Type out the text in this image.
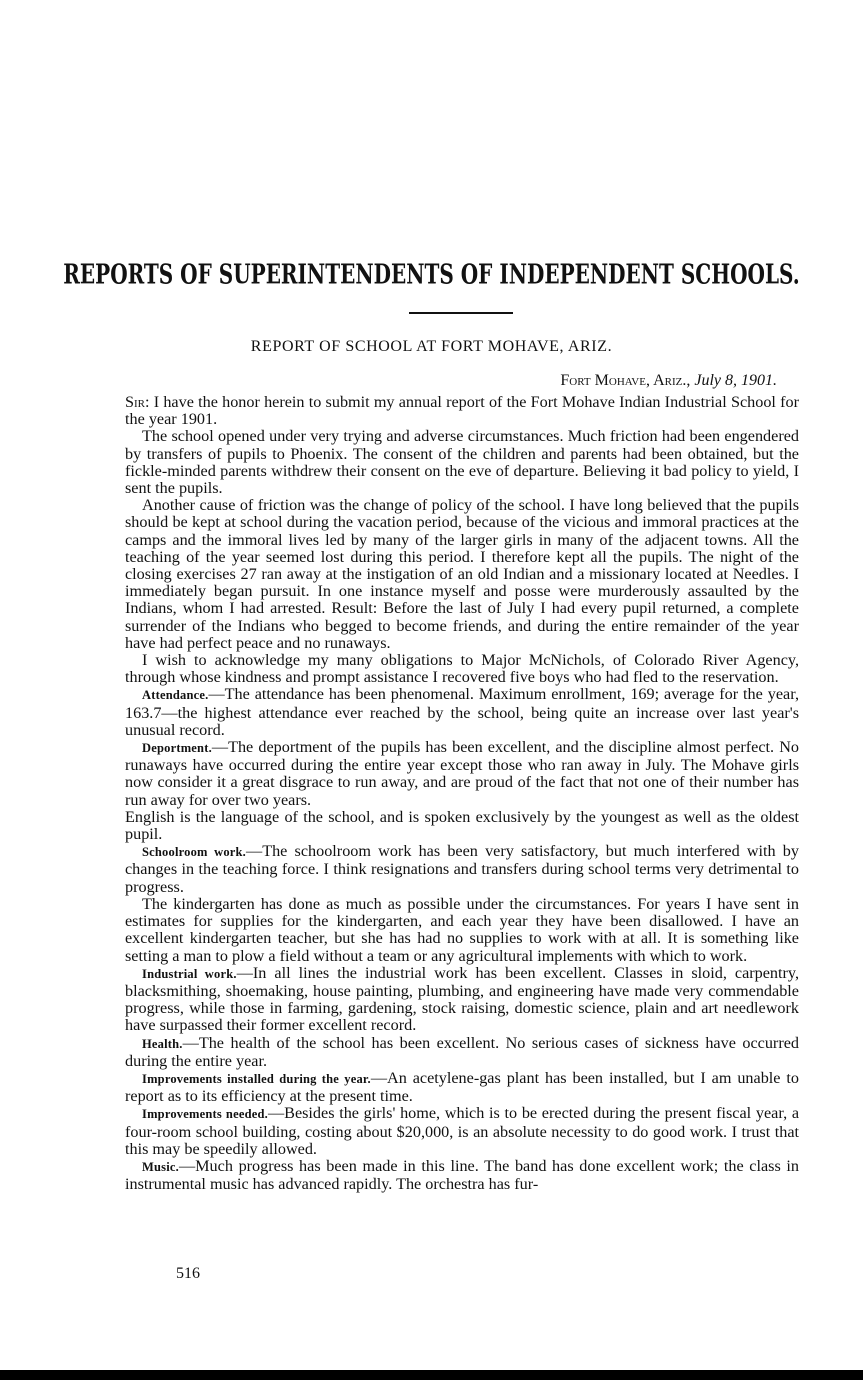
REPORTS OF SUPERINTENDENTS OF INDEPENDENT SCHOOLS.
REPORT OF SCHOOL AT FORT MOHAVE, ARIZ.
Fort Mohave, Ariz., July 8, 1901.

Sir: I have the honor herein to submit my annual report of the Fort Mohave Indian Industrial School for the year 1901.

The school opened under very trying and adverse circumstances. Much friction had been engendered by transfers of pupils to Phoenix. The consent of the children and parents had been obtained, but the fickle-minded parents withdrew their consent on the eve of departure. Believing it bad policy to yield, I sent the pupils.

Another cause of friction was the change of policy of the school. I have long believed that the pupils should be kept at school during the vacation period, because of the vicious and immoral practices at the camps and the immoral lives led by many of the larger girls in many of the adjacent towns. All the teaching of the year seemed lost during this period. I therefore kept all the pupils. The night of the closing exercises 27 ran away at the instigation of an old Indian and a missionary located at Needles. I immediately began pursuit. In one instance myself and posse were murderously assaulted by the Indians, whom I had arrested. Result: Before the last of July I had every pupil returned, a complete surrender of the Indians who begged to become friends, and during the entire remainder of the year have had perfect peace and no runaways.

I wish to acknowledge my many obligations to Major McNichols, of Colorado River Agency, through whose kindness and prompt assistance I recovered five boys who had fled to the reservation.

Attendance.—The attendance has been phenomenal. Maximum enrollment, 169; average for the year, 163.7—the highest attendance ever reached by the school, being quite an increase over last year's unusual record.

Deportment.—The deportment of the pupils has been excellent, and the discipline almost perfect. No runaways have occurred during the entire year except those who ran away in July. The Mohave girls now consider it a great disgrace to run away, and are proud of the fact that not one of their number has run away for over two years.

English is the language of the school, and is spoken exclusively by the youngest as well as the oldest pupil.

Schoolroom work.—The schoolroom work has been very satisfactory, but much interfered with by changes in the teaching force. I think resignations and transfers during school terms very detrimental to progress.

The kindergarten has done as much as possible under the circumstances. For years I have sent in estimates for supplies for the kindergarten, and each year they have been disallowed. I have an excellent kindergarten teacher, but she has had no supplies to work with at all. It is something like setting a man to plow a field without a team or any agricultural implements with which to work.

Industrial work.—In all lines the industrial work has been excellent. Classes in sloid, carpentry, blacksmithing, shoemaking, house painting, plumbing, and engineering have made very commendable progress, while those in farming, gardening, stock raising, domestic science, plain and art needlework have surpassed their former excellent record.

Health.—The health of the school has been excellent. No serious cases of sickness have occurred during the entire year.

Improvements installed during the year.—An acetylene-gas plant has been installed, but I am unable to report as to its efficiency at the present time.

Improvements needed.—Besides the girls' home, which is to be erected during the present fiscal year, a four-room school building, costing about $20,000, is an absolute necessity to do good work. I trust that this may be speedily allowed.

Music.—Much progress has been made in this line. The band has done excellent work; the class in instrumental music has advanced rapidly. The orchestra has fur-

516
